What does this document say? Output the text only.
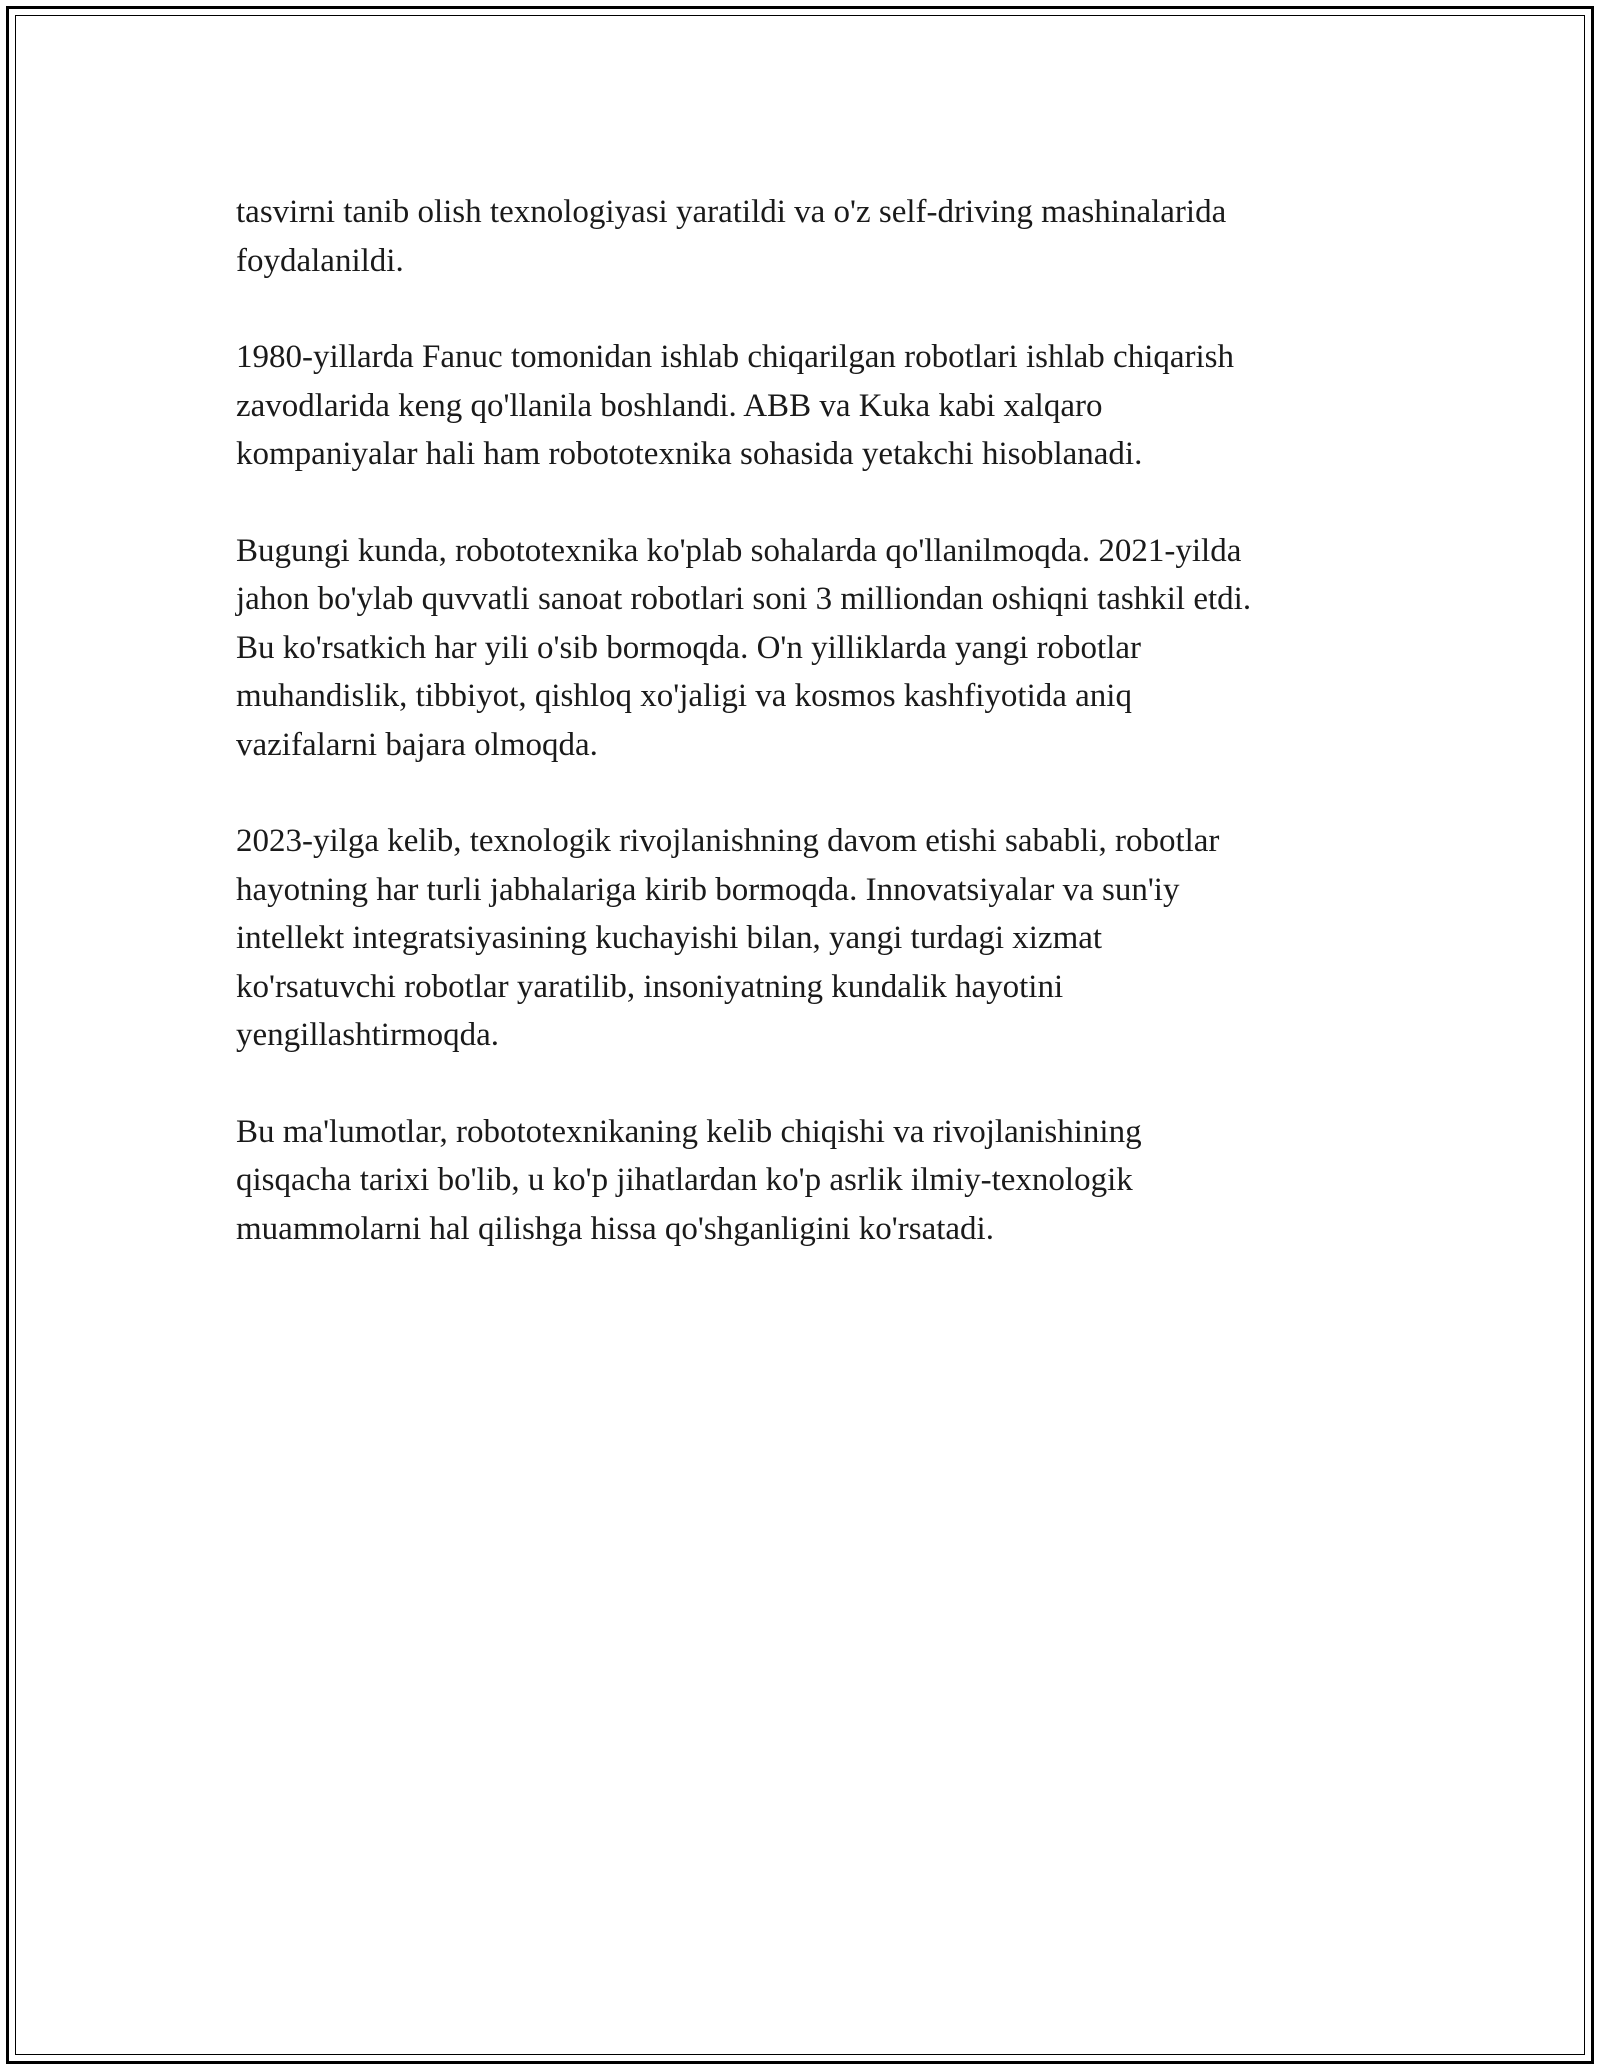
tasvirni tanib olish texnologiyasi yaratildi va o'z self-driving mashinalarida
foydalanildi.

1980-yillarda Fanuc tomonidan ishlab chiqarilgan robotlari ishlab chiqarish
zavodlarida keng qo'llanila boshlandi. ABB va Kuka kabi xalqaro
kompaniyalar hali ham robototexnika sohasida yetakchi hisoblanadi.

Bugungi kunda, robototexnika ko'plab sohalarda qo'llanilmoqda. 2021-yilda
jahon bo'ylab quvvatli sanoat robotlari soni 3 milliondan oshiqni tashkil etdi.
Bu ko'rsatkich har yili o'sib bormoqda. O'n yilliklarda yangi robotlar
muhandislik, tibbiyot, qishloq xo'jaligi va kosmos kashfiyotida aniq
vazifalarni bajara olmoqda.

2023-yilga kelib, texnologik rivojlanishning davom etishi sababli, robotlar
hayotning har turli jabhalariga kirib bormoqda. Innovatsiyalar va sun'iy
intellekt integratsiyasining kuchayishi bilan, yangi turdagi xizmat
ko'rsatuvchi robotlar yaratilib, insoniyatning kundalik hayotini
yengillashtirmoqda.

Bu ma'lumotlar, robototexnikaning kelib chiqishi va rivojlanishining
qisqacha tarixi bo'lib, u ko'p jihatlardan ko'p asrlik ilmiy-texnologik
muammolarni hal qilishga hissa qo'shganligini ko'rsatadi.
